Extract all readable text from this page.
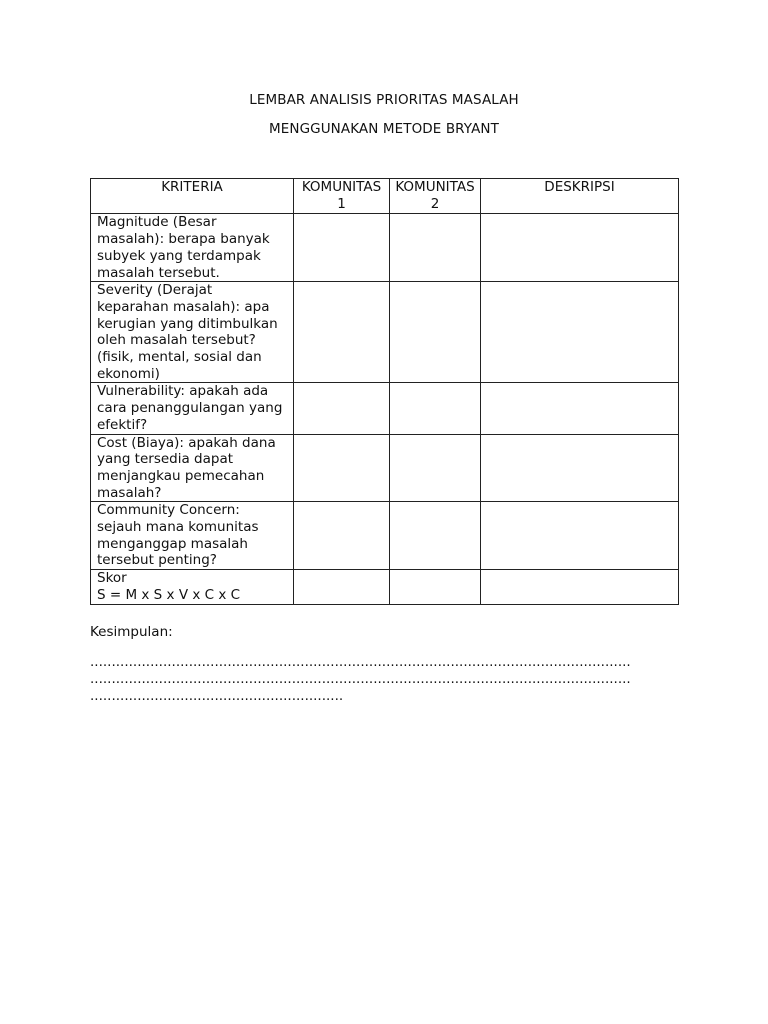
LEMBAR ANALISIS PRIORITAS MASALAH
MENGGUNAKAN METODE BRYANT
KRITERIA	KOMUNITAS 1	KOMUNITAS 2	DESKRIPSI
Magnitude (Besar masalah): berapa banyak subyek yang terdampak masalah tersebut.			
Severity (Derajat keparahan masalah): apa kerugian yang ditimbulkan oleh masalah tersebut? (fisik, mental, sosial dan ekonomi)			
Vulnerability: apakah ada cara penanggulangan yang efektif?			
Cost (Biaya): apakah dana yang tersedia dapat menjangkau pemecahan masalah?			
Community Concern: sejauh mana komunitas menganggap masalah tersebut penting?			

Skor
S = M x S x V x C x C			

Kesimpulan:
..............................................................................................................................
..............................................................................................................................
...........................................................
